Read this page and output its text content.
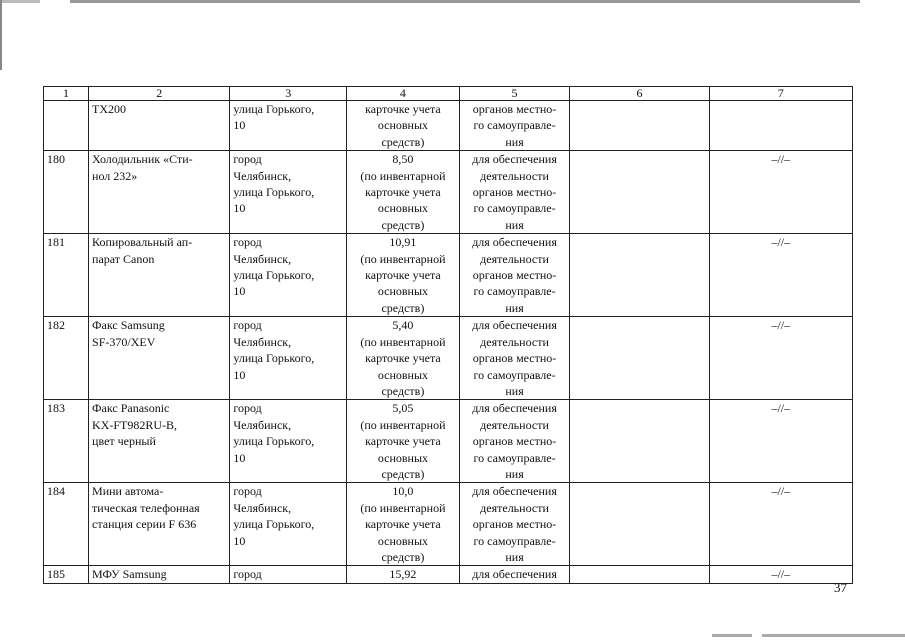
1	2	3	4	5	6	7

	TX200	улица Горького,
10	карточке учета
основных
средств)	органов местно-
го самоуправле-
ния		

180	Холодильник «Сти-
нол 232»	город
Челябинск,
улица Горького,
10	8,50
(по инвентарной
карточке учета
основных
средств)	для обеспечения
деятельности
органов местно-
го самоуправле-
ния		–//–
181	Копировальный ап-
парат Canon	город
Челябинск,
улица Горького,
10	10,91
(по инвентарной
карточке учета
основных
средств)	для обеспечения
деятельности
органов местно-
го самоуправле-
ния		–//–
182	Факс Samsung
SF-370/XEV	город
Челябинск,
улица Горького,
10	5,40
(по инвентарной
карточке учета
основных
средств)	для обеспечения
деятельности
органов местно-
го самоуправле-
ния		–//–
183	Факс Panasonic
KX-FT982RU-B,
цвет черный	город
Челябинск,
улица Горького,
10	5,05
(по инвентарной
карточке учета
основных
средств)	для обеспечения
деятельности
органов местно-
го самоуправле-
ния		–//–
184	Мини автома-
тическая телефонная
станция серии F 636	город
Челябинск,
улица Горького,
10	10,0
(по инвентарной
карточке учета
основных
средств)	для обеспечения
деятельности
органов местно-
го самоуправле-
ния		–//–
185	МФУ Samsung	город	15,92	для обеспечения		–//–
37
